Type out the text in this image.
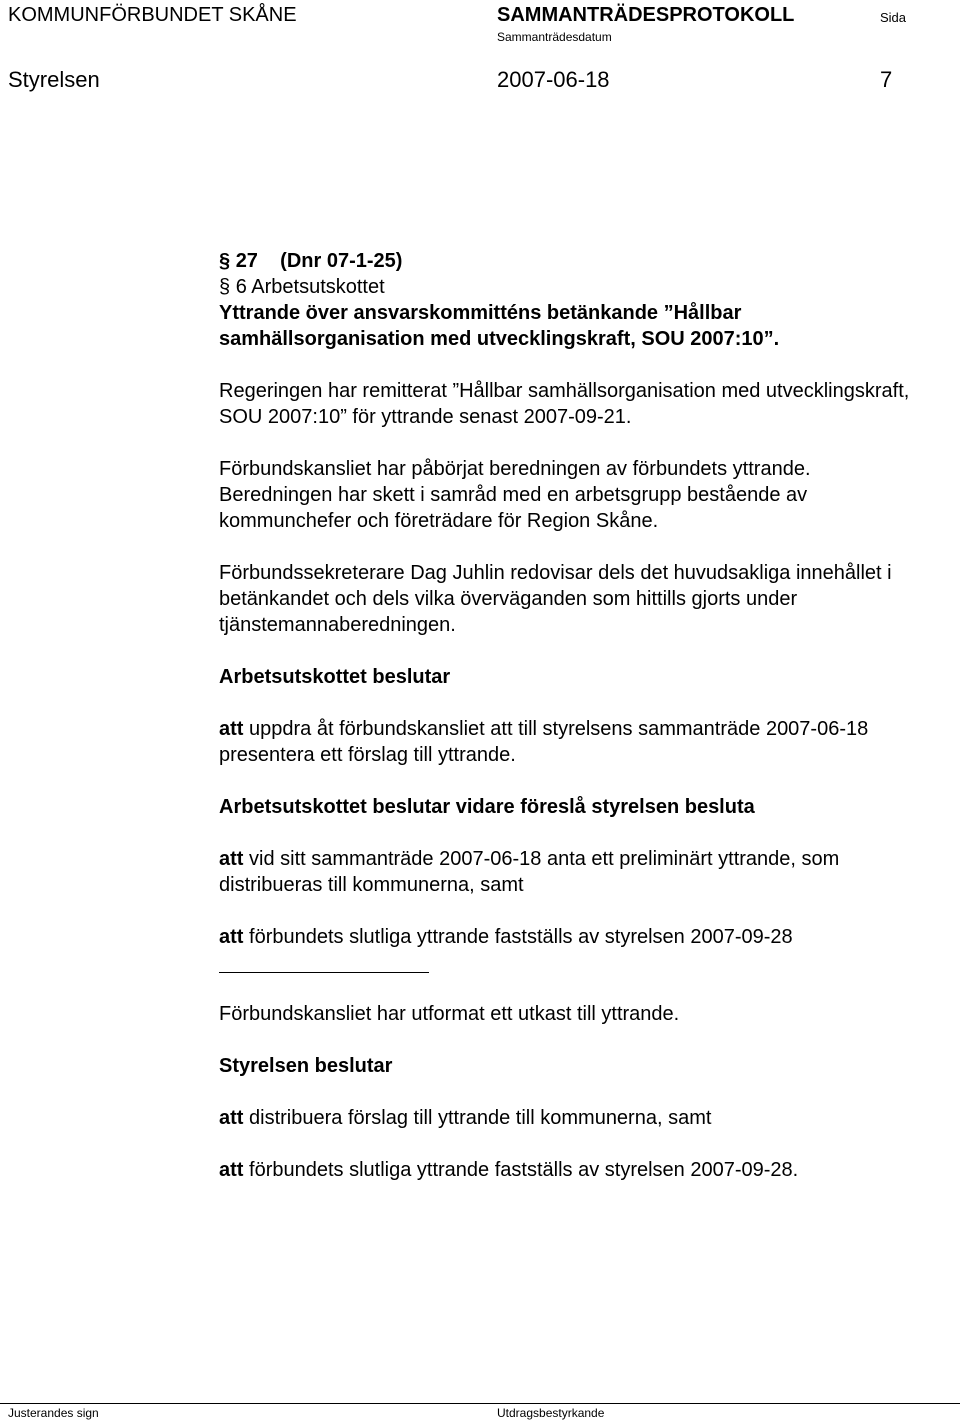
KOMMUNFÖRBUNDET SKÅNE	SAMMANTRÄDESPROTOKOLL	Sida
Sammanträdesdatum
Styrelsen	2007-06-18	7

§ 27 (Dnr 07-1-25)

§ 6 Arbetsutskottet

Yttrande över ansvarskommitténs betänkande ”Hållbar

samhällsorganisation med utvecklingskraft, SOU 2007:10”.

Regeringen har remitterat ”Hållbar samhällsorganisation med utvecklingskraft, SOU 2007:10” för yttrande senast 2007-09-21.

Förbundskansliet har påbörjat beredningen av förbundets yttrande.

Beredningen har skett i samråd med en arbetsgrupp bestående av kommunchefer och företrädare för Region Skåne.

Förbundssekreterare Dag Juhlin redovisar dels det huvudsakliga innehållet i betänkandet och dels vilka överväganden som hittills gjorts under tjänstemannaberedningen.

Arbetsutskottet beslutar

att uppdra åt förbundskansliet att till styrelsens sammanträde 2007-06-18 presentera ett förslag till yttrande.

Arbetsutskottet beslutar vidare föreslå styrelsen besluta

att vid sitt sammanträde 2007-06-18 anta ett preliminärt yttrande, som distribueras till kommunerna, samt

att förbundets slutliga yttrande fastställs av styrelsen 2007-09-28

Förbundskansliet har utformat ett utkast till yttrande.

Styrelsen beslutar

att distribuera förslag till yttrande till kommunerna, samt

att förbundets slutliga yttrande fastställs av styrelsen 2007-09-28.

Justerandes sign	Utdragsbestyrkande
